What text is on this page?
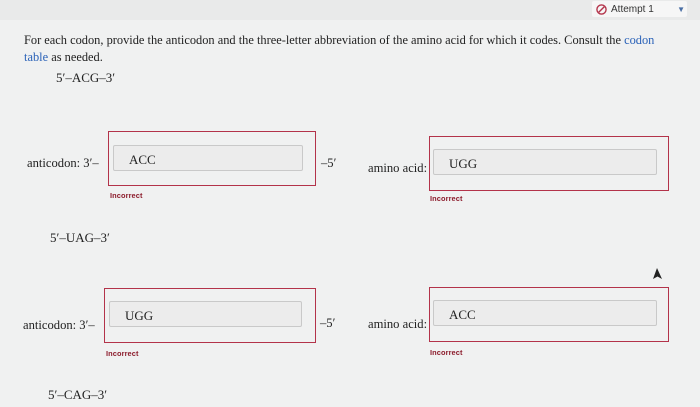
Attempt 1	▼
For each codon, provide the anticodon and the three-letter abbreviation of the amino acid for which it codes. Consult the codon table as needed.
5′–ACG–3′
anticodon: 3′–
ACC	–5′
Incorrect
amino acid:
UGG
Incorrect
5′–UAG–3′
anticodon: 3′–
UGG	–5′
Incorrect
amino acid:
ACC
Incorrect
5′–CAG–3′
